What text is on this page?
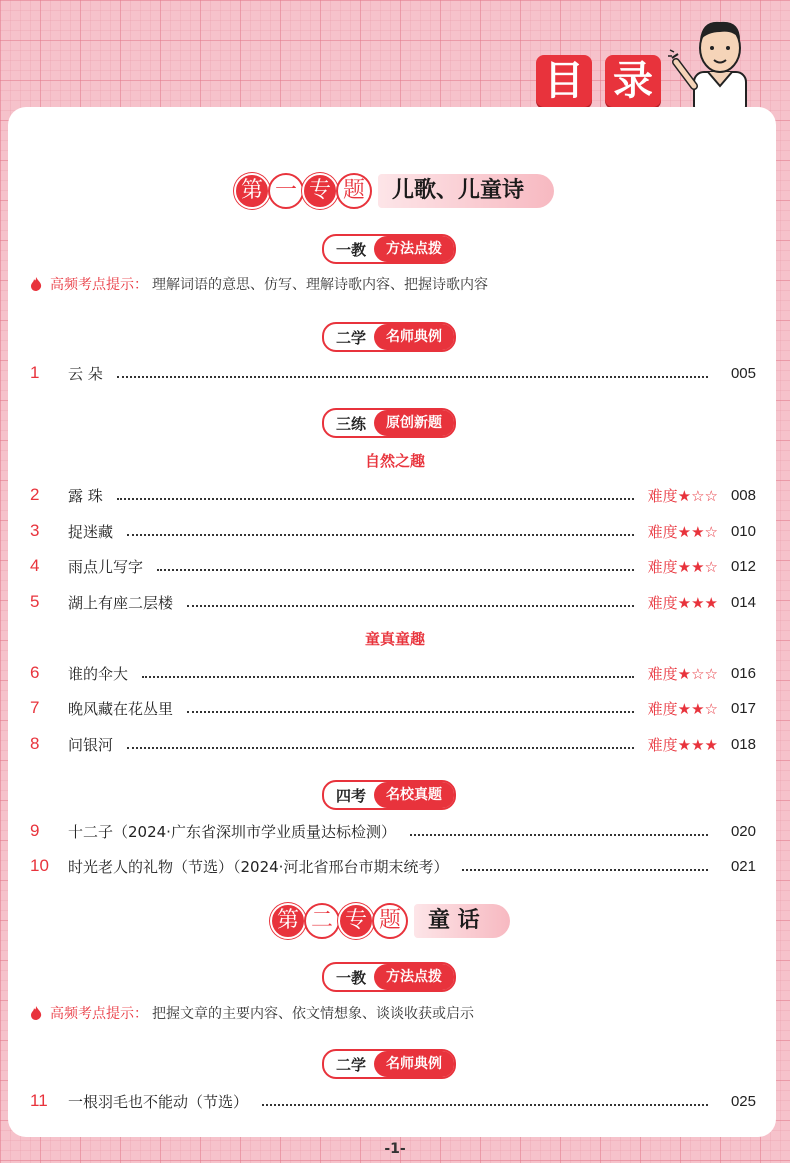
目 录
第 一 专 题	儿歌、儿童诗
一教	方法点拨
高频考点提示： 理解词语的意思、仿写、理解诗歌内容、把握诗歌内容
二学	名师典例
1	云 朵	005
三练	原创新题
自然之趣
2	露 珠	难度★☆☆ 008
3	捉迷藏	难度★★☆ 010
4	雨点儿写字	难度★★☆ 012
5	湖上有座二层楼	难度★★★ 014
童真童趣
6	谁的伞大	难度★☆☆ 016
7	晚风藏在花丛里	难度★★☆ 017
8	问银河	难度★★★ 018
四考	名校真题
9	十二子（2024·广东省深圳市学业质量达标检测）	020
10	时光老人的礼物（节选）（2024·河北省邢台市期末统考）	021
第 二 专 题	童 话
一教	方法点拨
高频考点提示： 把握文章的主要内容、依文情想象、谈谈收获或启示
二学	名师典例
11	一根羽毛也不能动（节选）	025
-1-
